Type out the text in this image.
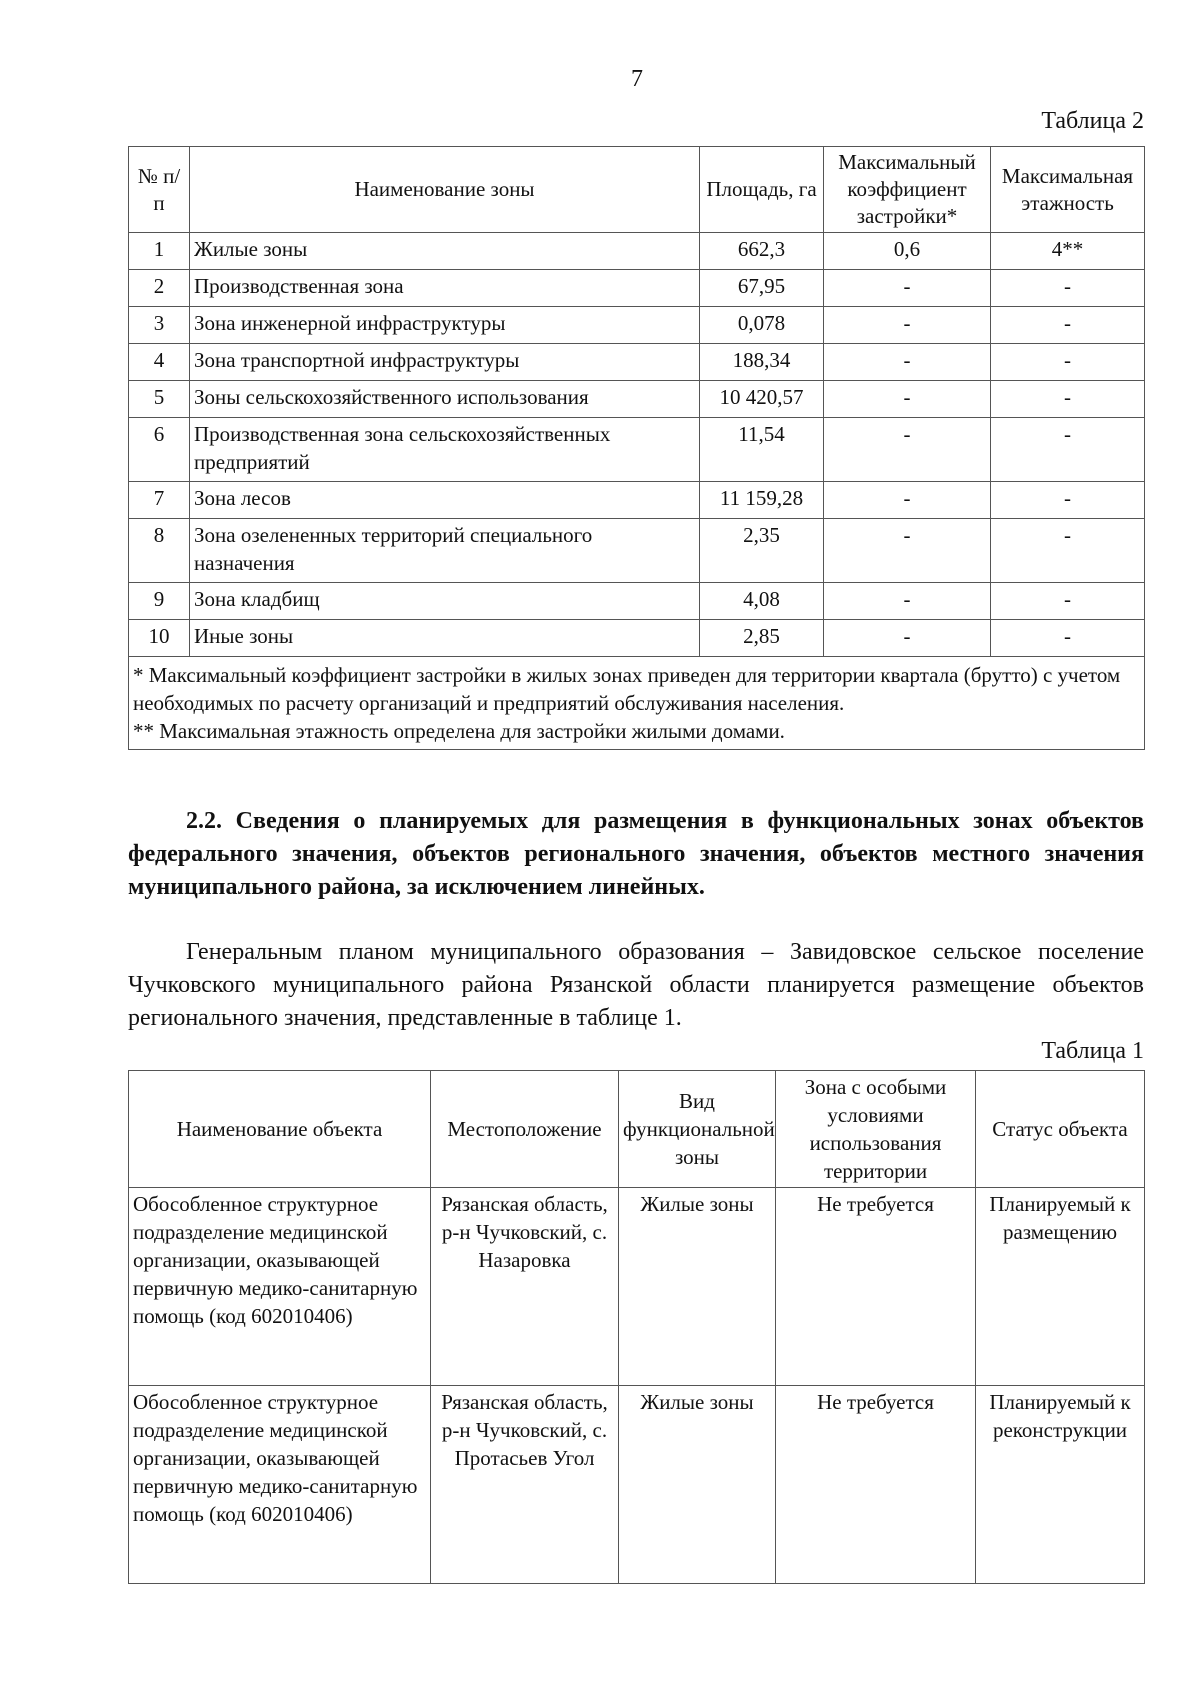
7
Таблица 2
№ п/п	Наименование зоны	Площадь, га	Максимальный коэффициент застройки*	Максимальная этажность
1	Жилые зоны	662,3	0,6	4**
2	Производственная зона	67,95	-	-
3	Зона инженерной инфраструктуры	0,078	-	-
4	Зона транспортной инфраструктуры	188,34	-	-
5	Зоны сельскохозяйственного использования	10 420,57	-	-
6	Производственная зона сельскохозяйственных предприятий	11,54	-	-
7	Зона лесов	11 159,28	-	-
8	Зона озелененных территорий специального назначения	2,35	-	-
9	Зона кладбищ	4,08	-	-
10	Иные зоны	2,85	-	-

* Максимальный коэффициент застройки в жилых зонах приведен для территории квартала (брутто) с учетом необходимых по расчету организаций и предприятий обслуживания населения.
** Максимальная этажность определена для застройки жилыми домами.				

2.2. Сведения о планируемых для размещения в функциональных зонах объектов федерального значения, объектов регионального значения, объектов местного значения муниципального района, за исключением линейных.

Генеральным планом муниципального образования – Завидовское сельское поселение Чучковского муниципального района Рязанской области планируется размещение объектов регионального значения, представленные в таблице 1.

Таблица 1
Наименование объекта	Местоположение	Вид функциональной зоны	Зона с особыми условиями использования территории	Статус объекта
Обособленное структурное подразделение медицинской организации, оказывающей первичную медико-санитарную помощь (код 602010406)	Рязанская область, р-н Чучковский, с. Назаровка	Жилые зоны	Не требуется	Планируемый к размещению
Обособленное структурное подразделение медицинской организации, оказывающей первичную медико-санитарную помощь (код 602010406)	Рязанская область, р-н Чучковский, с. Протасьев Угол	Жилые зоны	Не требуется	Планируемый к реконструкции
